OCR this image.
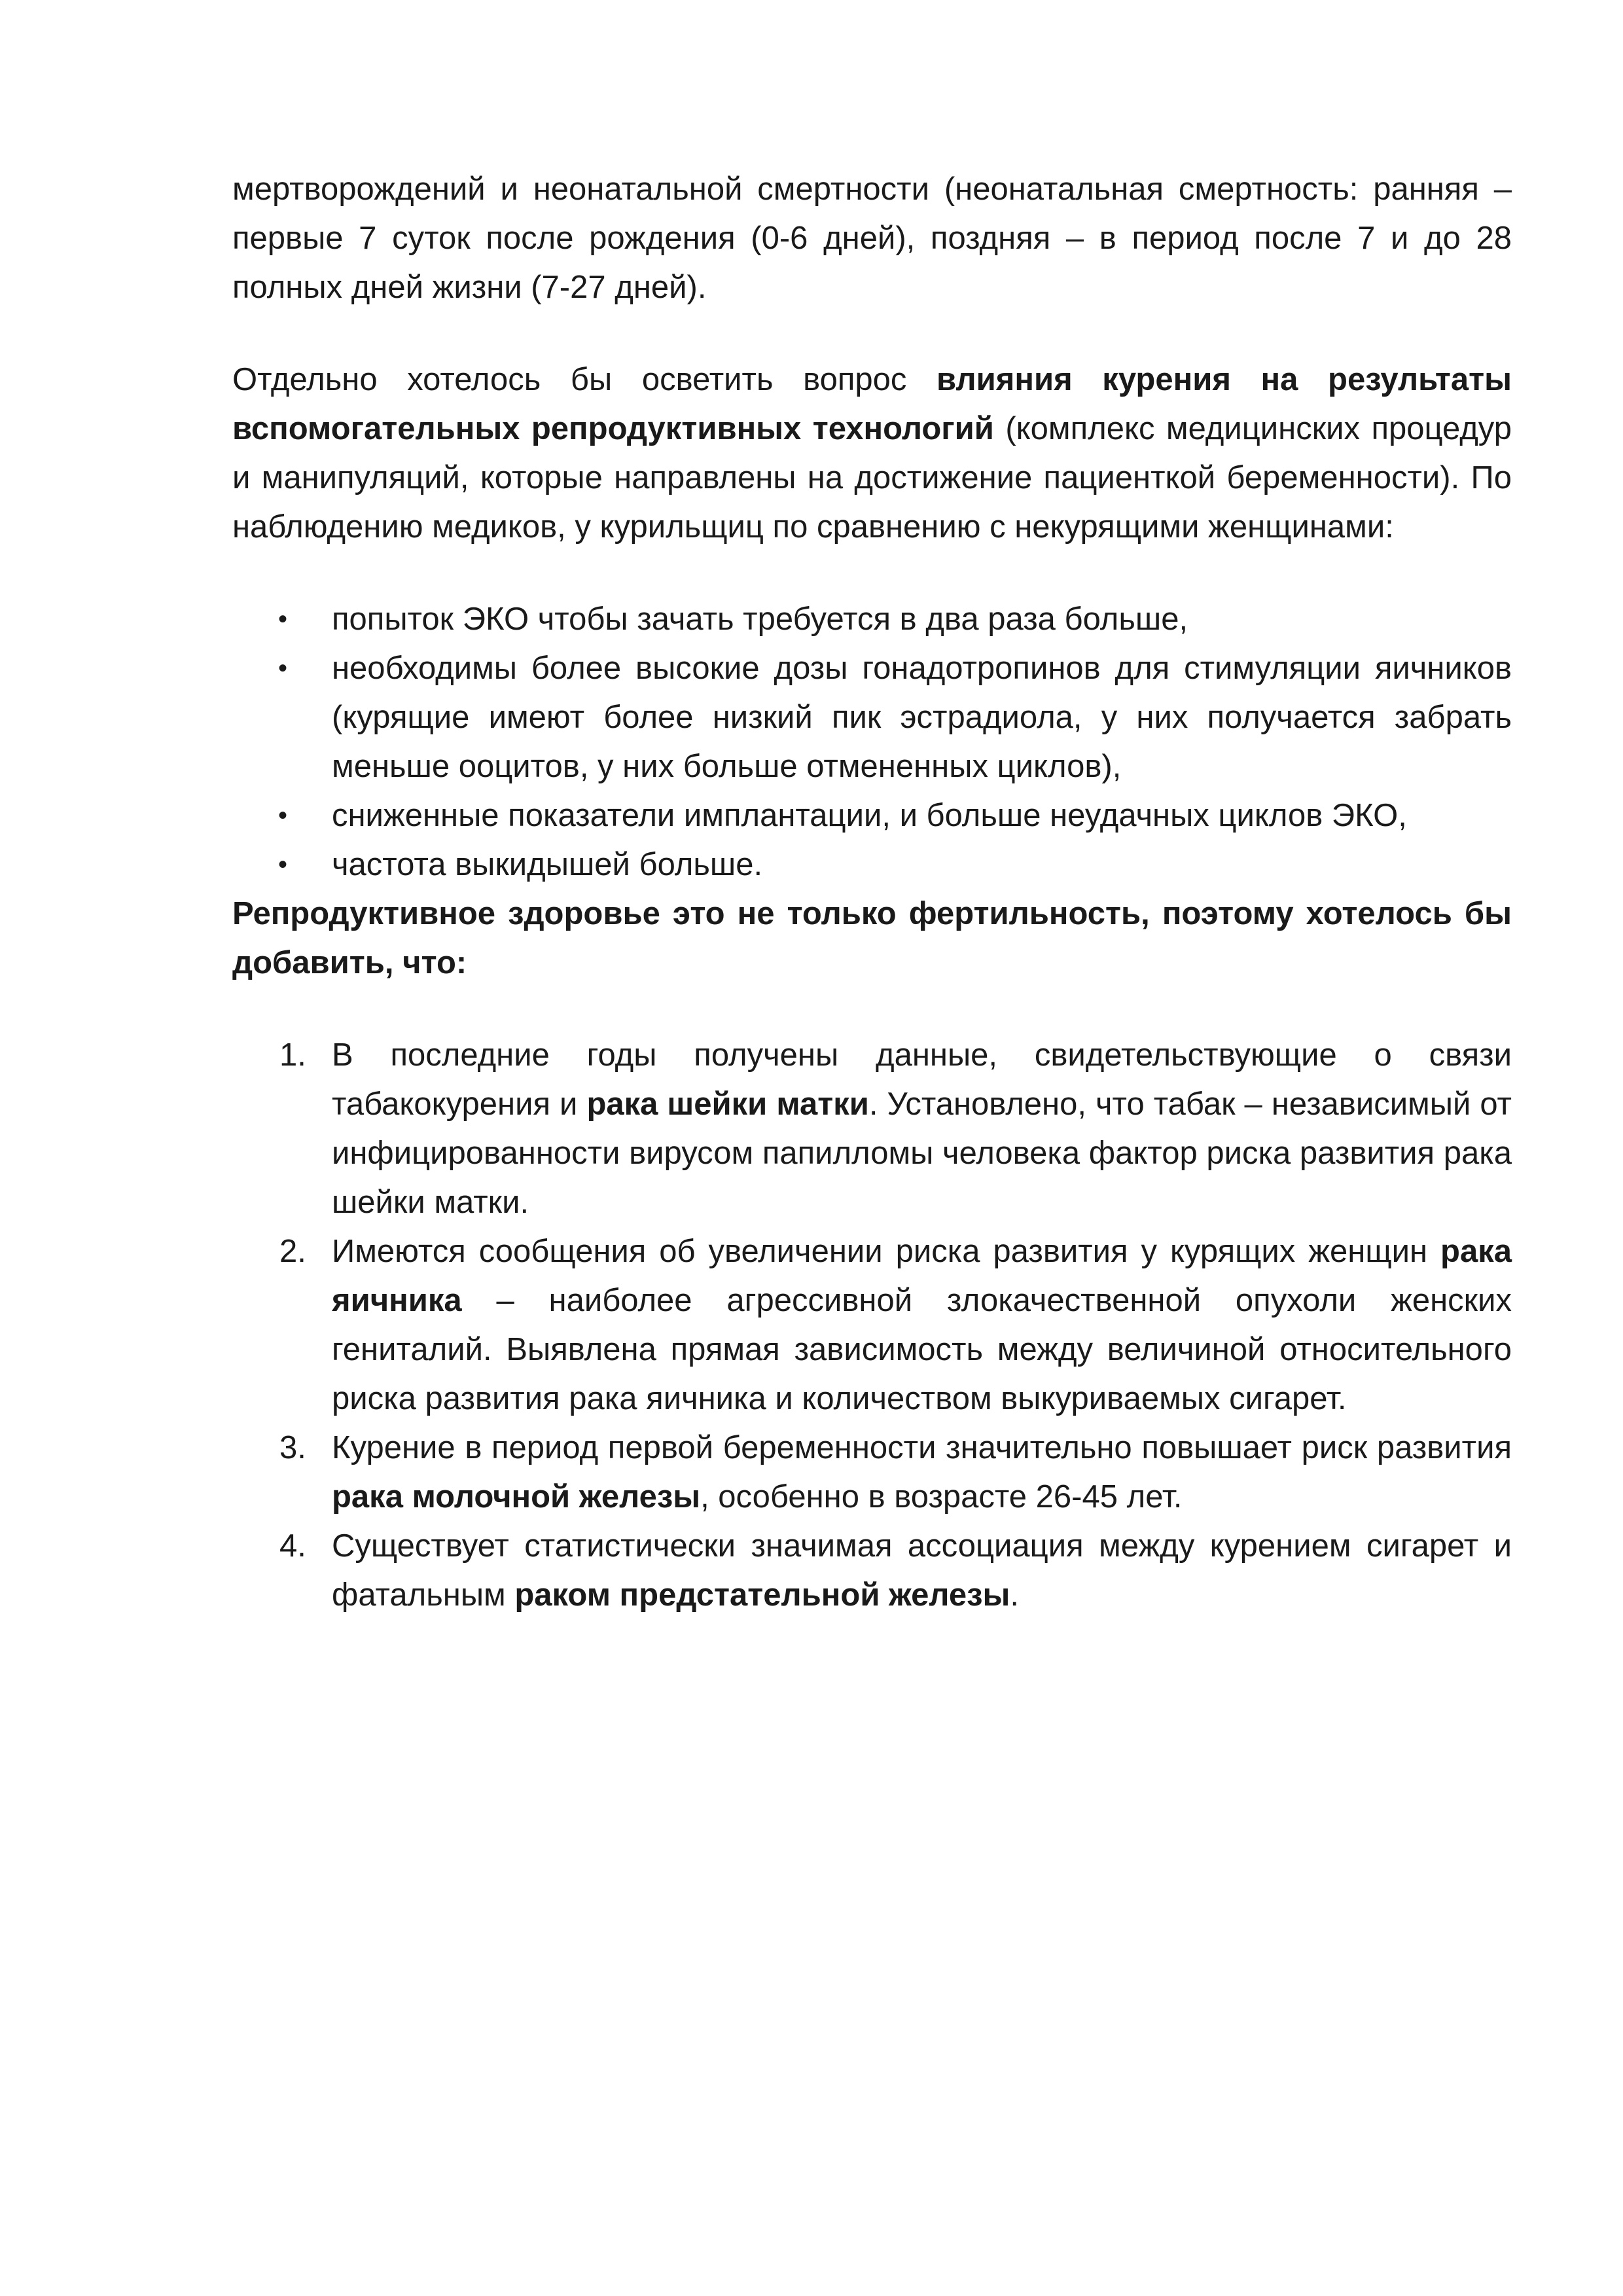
мертворождений и неонатальной смертности (неонатальная смертность: ранняя – первые 7 суток после рождения (0-6 дней), поздняя – в период после 7 и до 28 полных дней жизни (7-27 дней).

Отдельно хотелось бы осветить вопрос влияния курения на результаты вспомогательных репродуктивных технологий (комплекс медицинских процедур и манипуляций, которые направлены на достижение пациенткой беременности). По наблюдению медиков, у курильщиц по сравнению с некурящими женщинами:

• попыток ЭКО чтобы зачать требуется в два раза больше,
• необходимы более высокие дозы гонадотропинов для стимуляции яичников (курящие имеют более низкий пик эстрадиола, у них получается забрать меньше ооцитов, у них больше отмененных циклов),
• сниженные показатели имплантации, и больше неудачных циклов ЭКО,
• частота выкидышей больше.

Репродуктивное здоровье это не только фертильность, поэтому хотелось бы добавить, что:

1. В последние годы получены данные, свидетельствующие о связи табакокурения и рака шейки матки. Установлено, что табак – независимый от инфицированности вирусом папилломы человека фактор риска развития рака шейки матки.
2. Имеются сообщения об увеличении риска развития у курящих женщин рака яичника – наиболее агрессивной злокачественной опухоли женских гениталий. Выявлена прямая зависимость между величиной относительного риска развития рака яичника и количеством выкуриваемых сигарет.
3. Курение в период первой беременности значительно повышает риск развития рака молочной железы, особенно в возрасте 26-45 лет.
4. Существует статистически значимая ассоциация между курением сигарет и фатальным раком предстательной железы.
